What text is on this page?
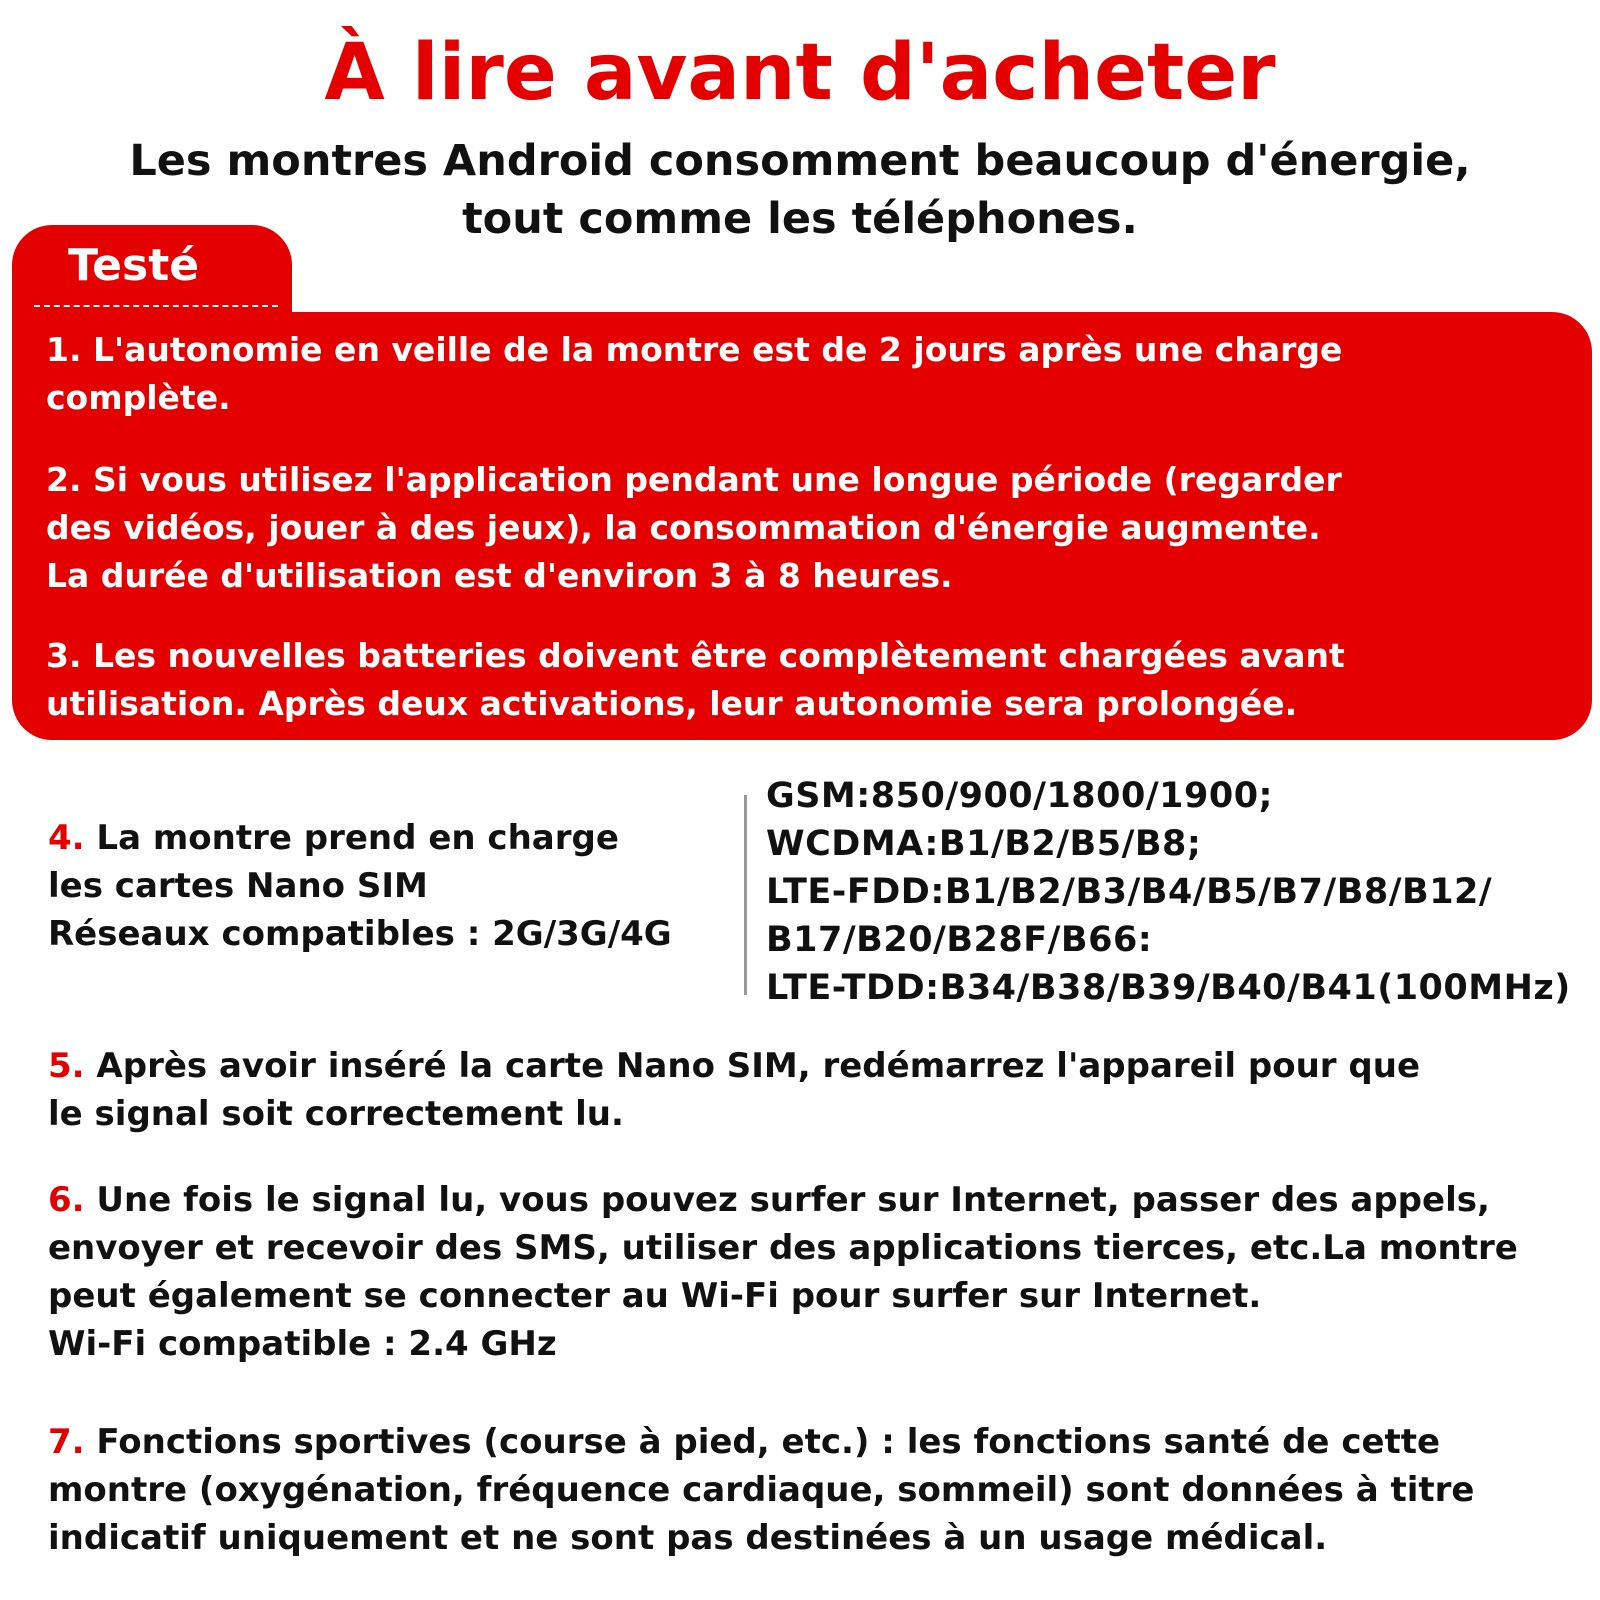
À lire avant d'acheter
Les montres Android consomment beaucoup d'énergie,
tout comme les téléphones.
Testé
1. L'autonomie en veille de la montre est de 2 jours après une charge
complète.
2. Si vous utilisez l'application pendant une longue période (regarder
des vidéos, jouer à des jeux), la consommation d'énergie augmente.
La durée d'utilisation est d'environ 3 à 8 heures.
3. Les nouvelles batteries doivent être complètement chargées avant
utilisation. Après deux activations, leur autonomie sera prolongée.
4. La montre prend en charge
les cartes Nano SIM
Réseaux compatibles : 2G/3G/4G
GSM:850/900/1800/1900;
WCDMA:B1/B2/B5/B8;
LTE-FDD:B1/B2/B3/B4/B5/B7/B8/B12/
B17/B20/B28F/B66:
LTE-TDD:B34/B38/B39/B40/B41(100MHz)
5. Après avoir inséré la carte Nano SIM, redémarrez l'appareil pour que
le signal soit correctement lu.
6. Une fois le signal lu, vous pouvez surfer sur Internet, passer des appels,
envoyer et recevoir des SMS, utiliser des applications tierces, etc.La montre
peut également se connecter au Wi-Fi pour surfer sur Internet.
Wi-Fi compatible : 2.4 GHz
7. Fonctions sportives (course à pied, etc.) : les fonctions santé de cette
montre (oxygénation, fréquence cardiaque, sommeil) sont données à titre
indicatif uniquement et ne sont pas destinées à un usage médical.
